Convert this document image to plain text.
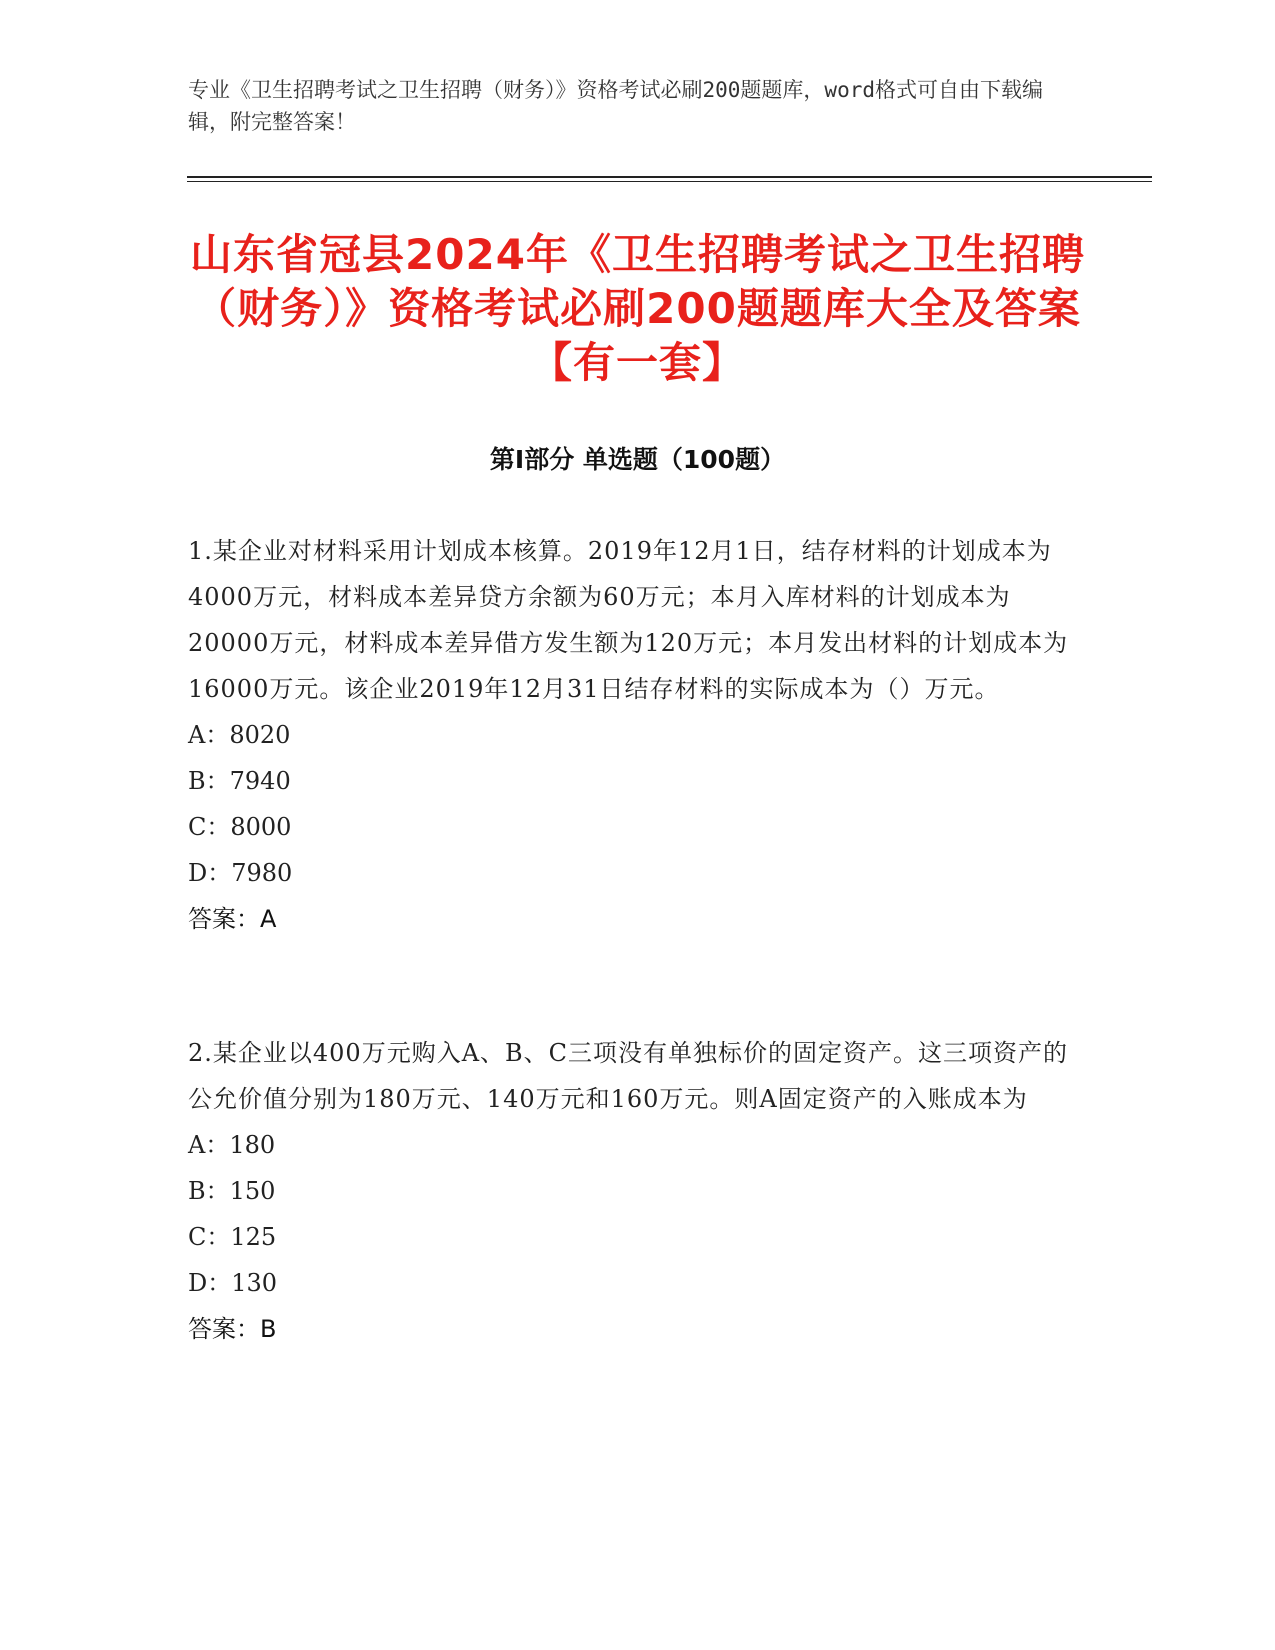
专业《卫生招聘考试之卫生招聘（财务）》资格考试必刷200题题库，word格式可自由下载编辑，附完整答案！
山东省冠县2024年《卫生招聘考试之卫生招聘（财务）》资格考试必刷200题题库大全及答案【有一套】
第I部分 单选题（100题）
1.某企业对材料采用计划成本核算。2019年12月1日，结存材料的计划成本为4000万元，材料成本差异贷方余额为60万元；本月入库材料的计划成本为20000万元，材料成本差异借方发生额为120万元；本月发出材料的计划成本为16000万元。该企业2019年12月31日结存材料的实际成本为（）万元。
A：8020
B：7940
C：8000
D：7980
答案：A
2.某企业以400万元购入A、B、C三项没有单独标价的固定资产。这三项资产的公允价值分别为180万元、140万元和160万元。则A固定资产的入账成本为
A：180
B：150
C：125
D：130
答案：B
